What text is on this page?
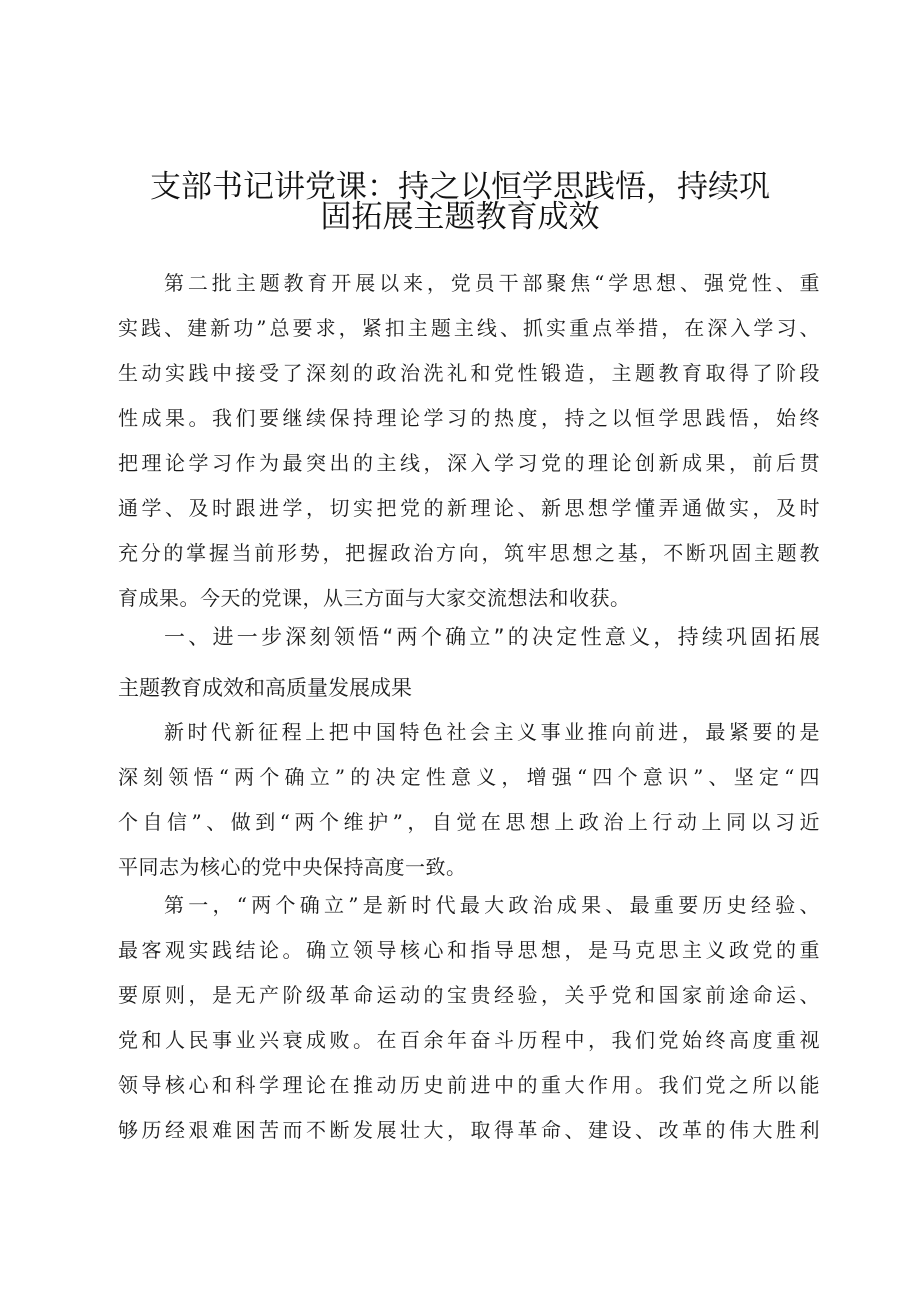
支部书记讲党课：持之以恒学思践悟，持续巩
固拓展主题教育成效
第二批主题教育开展以来，党员干部聚焦“学思想、强党性、重
实践、建新功”总要求，紧扣主题主线、抓实重点举措，在深入学习、
生动实践中接受了深刻的政治洗礼和党性锻造，主题教育取得了阶段
性成果。我们要继续保持理论学习的热度，持之以恒学思践悟，始终
把理论学习作为最突出的主线，深入学习党的理论创新成果，前后贯
通学、及时跟进学，切实把党的新理论、新思想学懂弄通做实，及时
充分的掌握当前形势，把握政治方向，筑牢思想之基，不断巩固主题教
育成果。今天的党课，从三方面与大家交流想法和收获。
一、进一步深刻领悟“两个确立”的决定性意义，持续巩固拓展
主题教育成效和高质量发展成果
新时代新征程上把中国特色社会主义事业推向前进，最紧要的是
深刻领悟“两个确立”的决定性意义，增强“四个意识”、坚定“四
个自信”、做到“两个维护”，自觉在思想上政治上行动上同以习近
平同志为核心的党中央保持高度一致。
第一，“两个确立”是新时代最大政治成果、最重要历史经验、
最客观实践结论。确立领导核心和指导思想，是马克思主义政党的重
要原则，是无产阶级革命运动的宝贵经验，关乎党和国家前途命运、
党和人民事业兴衰成败。在百余年奋斗历程中，我们党始终高度重视
领导核心和科学理论在推动历史前进中的重大作用。我们党之所以能
够历经艰难困苦而不断发展壮大，取得革命、建设、改革的伟大胜利
